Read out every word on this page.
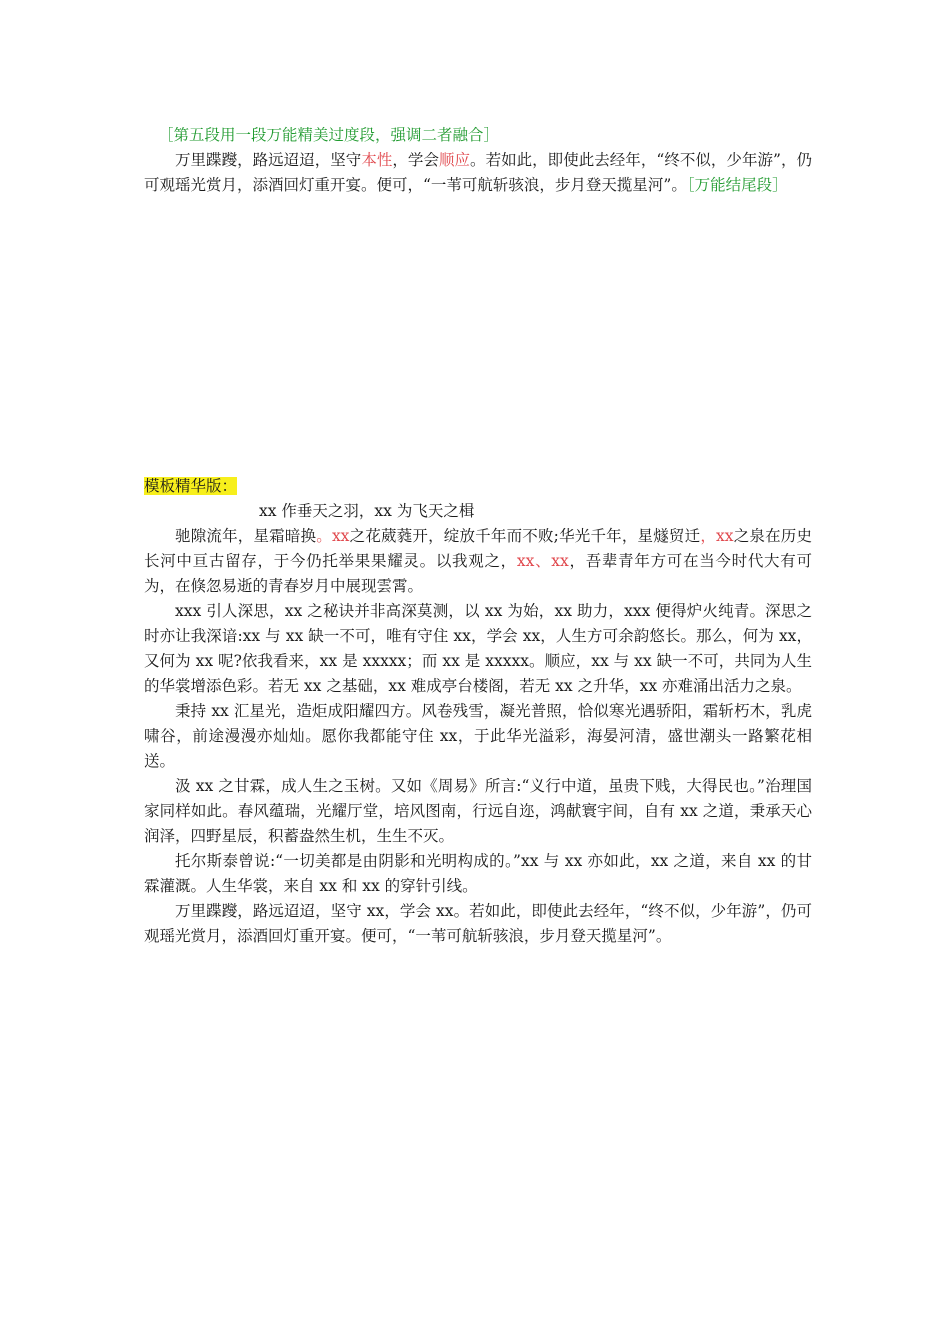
［第五段用一段万能精美过度段，强调二者融合］

万里蹀躞，路远迢迢，坚守本性，学会顺应。若如此，即使此去经年，“终不似，少年游”，仍可观瑶光赏月，添酒回灯重开宴。便可，“一苇可航斩骇浪，步月登天揽星河”。［万能结尾段］

模板精华版：

xx 作垂天之羽，xx 为飞天之楫

驰隙流年，星霜暗换。xx之花葳蕤开，绽放千年而不败;华光千年，星燧贸迁，xx之泉在历史长河中亘古留存，于今仍托举果果耀灵。以我观之，xx、xx，吾辈青年方可在当今时代大有可为，在倏忽易逝的青春岁月中展现雲霄。

xxx 引人深思，xx 之秘诀并非高深莫测，以 xx 为始，xx 助力，xxx 便得炉火纯青。深思之时亦让我深谙:xx 与 xx 缺一不可，唯有守住 xx，学会 xx，人生方可余韵悠长。那么，何为 xx，又何为 xx 呢?依我看来，xx 是 xxxxx；而 xx 是 xxxxx。顺应，xx 与 xx 缺一不可，共同为人生的华裳增添色彩。若无 xx 之基础，xx 难成亭台楼阁，若无 xx 之升华，xx 亦难涌出活力之泉。

秉持 xx 汇星光，造炬成阳耀四方。风卷残雪，凝光普照，恰似寒光遇骄阳，霜斩朽木，乳虎啸谷，前途漫漫亦灿灿。愿你我都能守住 xx，于此华光溢彩，海晏河清，盛世潮头一路繁花相送。

汲 xx 之甘霖，成人生之玉树。又如《周易》所言:“义行中道，虽贵下贱，大得民也。”治理国家同样如此。春风蕴瑞，光耀厅堂，培风图南，行远自迩，鸿献寰宇间，自有 xx 之道，秉承天心润泽，四野星辰，积蓄盎然生机，生生不灭。

托尔斯泰曾说:“一切美都是由阴影和光明构成的。”xx 与 xx 亦如此，xx 之道，来自 xx 的甘霖灌溉。人生华裳，来自 xx 和 xx 的穿针引线。

万里蹀躞，路远迢迢，坚守 xx，学会 xx。若如此，即使此去经年，“终不似，少年游”，仍可观瑶光赏月，添酒回灯重开宴。便可，“一苇可航斩骇浪，步月登天揽星河”。
